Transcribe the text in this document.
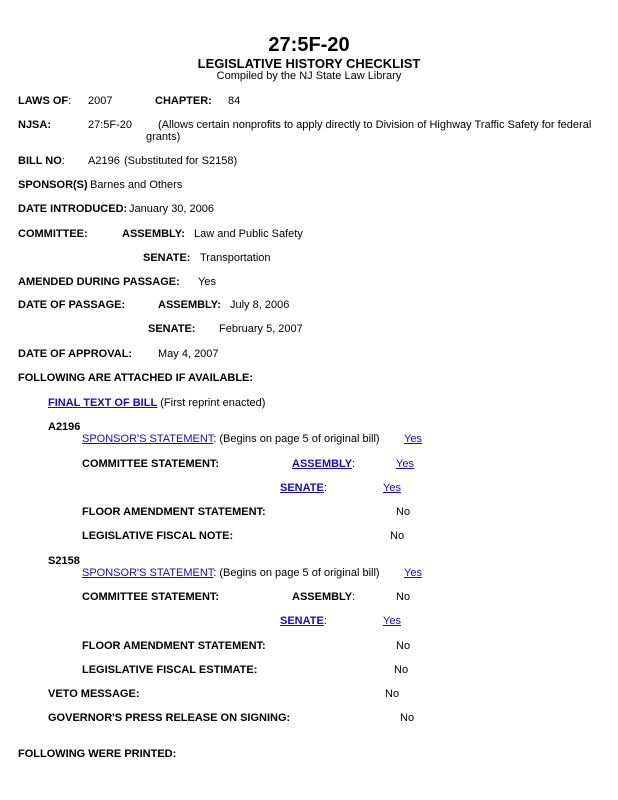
27:5F-20
LEGISLATIVE HISTORY CHECKLIST
Compiled by the NJ State Law Library
LAWS OF: 2007	CHAPTER: 84
NJSA:	27:5F-20 (Allows certain nonprofits to apply directly to Division of Highway Traffic Safety for federal
grants)
BILL NO: A2196 (Substituted for S2158)
SPONSOR(S) Barnes and Others
DATE INTRODUCED: January 30, 2006
COMMITTEE:	ASSEMBLY: Law and Public Safety
SENATE: Transportation
AMENDED DURING PASSAGE: Yes
DATE OF PASSAGE:	ASSEMBLY: July 8, 2006
SENATE: February 5, 2007
DATE OF APPROVAL: May 4, 2007
FOLLOWING ARE ATTACHED IF AVAILABLE:
FINAL TEXT OF BILL (First reprint enacted)
A2196
SPONSOR'S STATEMENT: (Begins on page 5 of original bill) Yes
COMMITTEE STATEMENT:	ASSEMBLY:	Yes
SENATE:	Yes
FLOOR AMENDMENT STATEMENT:	No
LEGISLATIVE FISCAL NOTE:	No
S2158
SPONSOR'S STATEMENT: (Begins on page 5 of original bill) Yes
COMMITTEE STATEMENT:	ASSEMBLY:	No
SENATE:	Yes
FLOOR AMENDMENT STATEMENT:	No
LEGISLATIVE FISCAL ESTIMATE:	No
VETO MESSAGE:	No
GOVERNOR'S PRESS RELEASE ON SIGNING:	No
FOLLOWING WERE PRINTED:
